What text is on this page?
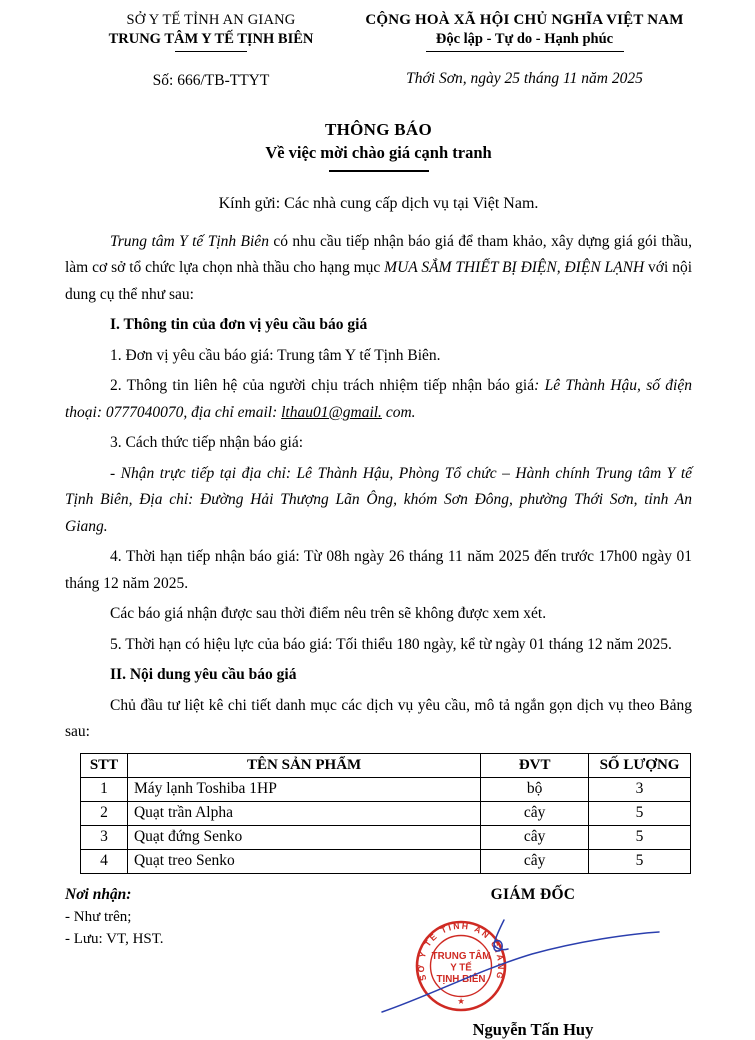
SỞ Y TẾ TỈNH AN GIANG
TRUNG TÂM Y TẾ TỊNH BIÊN
Số: 666/TB-TTYT
CỘNG HOÀ XÃ HỘI CHỦ NGHĨA VIỆT NAM
Độc lập - Tự do - Hạnh phúc
Thới Sơn, ngày 25 tháng 11 năm 2025
THÔNG BÁO
Về việc mời chào giá cạnh tranh
Kính gửi: Các nhà cung cấp dịch vụ tại Việt Nam.

Trung tâm Y tế Tịnh Biên có nhu cầu tiếp nhận báo giá để tham khảo, xây dựng giá gói thầu, làm cơ sở tổ chức lựa chọn nhà thầu cho hạng mục MUA SẮM THIẾT BỊ ĐIỆN, ĐIỆN LẠNH với nội dung cụ thể như sau:

I. Thông tin của đơn vị yêu cầu báo giá

1. Đơn vị yêu cầu báo giá: Trung tâm Y tế Tịnh Biên.

2. Thông tin liên hệ của người chịu trách nhiệm tiếp nhận báo giá: Lê Thành Hậu, số điện thoại: 0777040070, địa chỉ email: lthau01@gmail. com.

3. Cách thức tiếp nhận báo giá:

- Nhận trực tiếp tại địa chỉ: Lê Thành Hậu, Phòng Tổ chức – Hành chính Trung tâm Y tế Tịnh Biên, Địa chỉ: Đường Hải Thượng Lãn Ông, khóm Sơn Đông, phường Thới Sơn, tỉnh An Giang.

4. Thời hạn tiếp nhận báo giá: Từ 08h ngày 26 tháng 11 năm 2025 đến trước 17h00 ngày 01 tháng 12 năm 2025.

Các báo giá nhận được sau thời điểm nêu trên sẽ không được xem xét.

5. Thời hạn có hiệu lực của báo giá: Tối thiểu 180 ngày, kể từ ngày 01 tháng 12 năm 2025.

II. Nội dung yêu cầu báo giá

Chủ đầu tư liệt kê chi tiết danh mục các dịch vụ yêu cầu, mô tả ngắn gọn dịch vụ theo Bảng sau:

STT	TÊN SẢN PHẨM	ĐVT	SỐ LƯỢNG
1	Máy lạnh Toshiba 1HP	bộ	3
2	Quạt trần Alpha	cây	5
3	Quạt đứng Senko	cây	5
4	Quạt treo Senko	cây	5
Nơi nhận:
- Như trên;
- Lưu: VT, HST.
GIÁM ĐỐC
SỞ Y TẾ TỈNH AN GIANG
TRUNG TÂM
Y TẾ
TỊNH BIÊN
★
Nguyễn Tấn Huy
